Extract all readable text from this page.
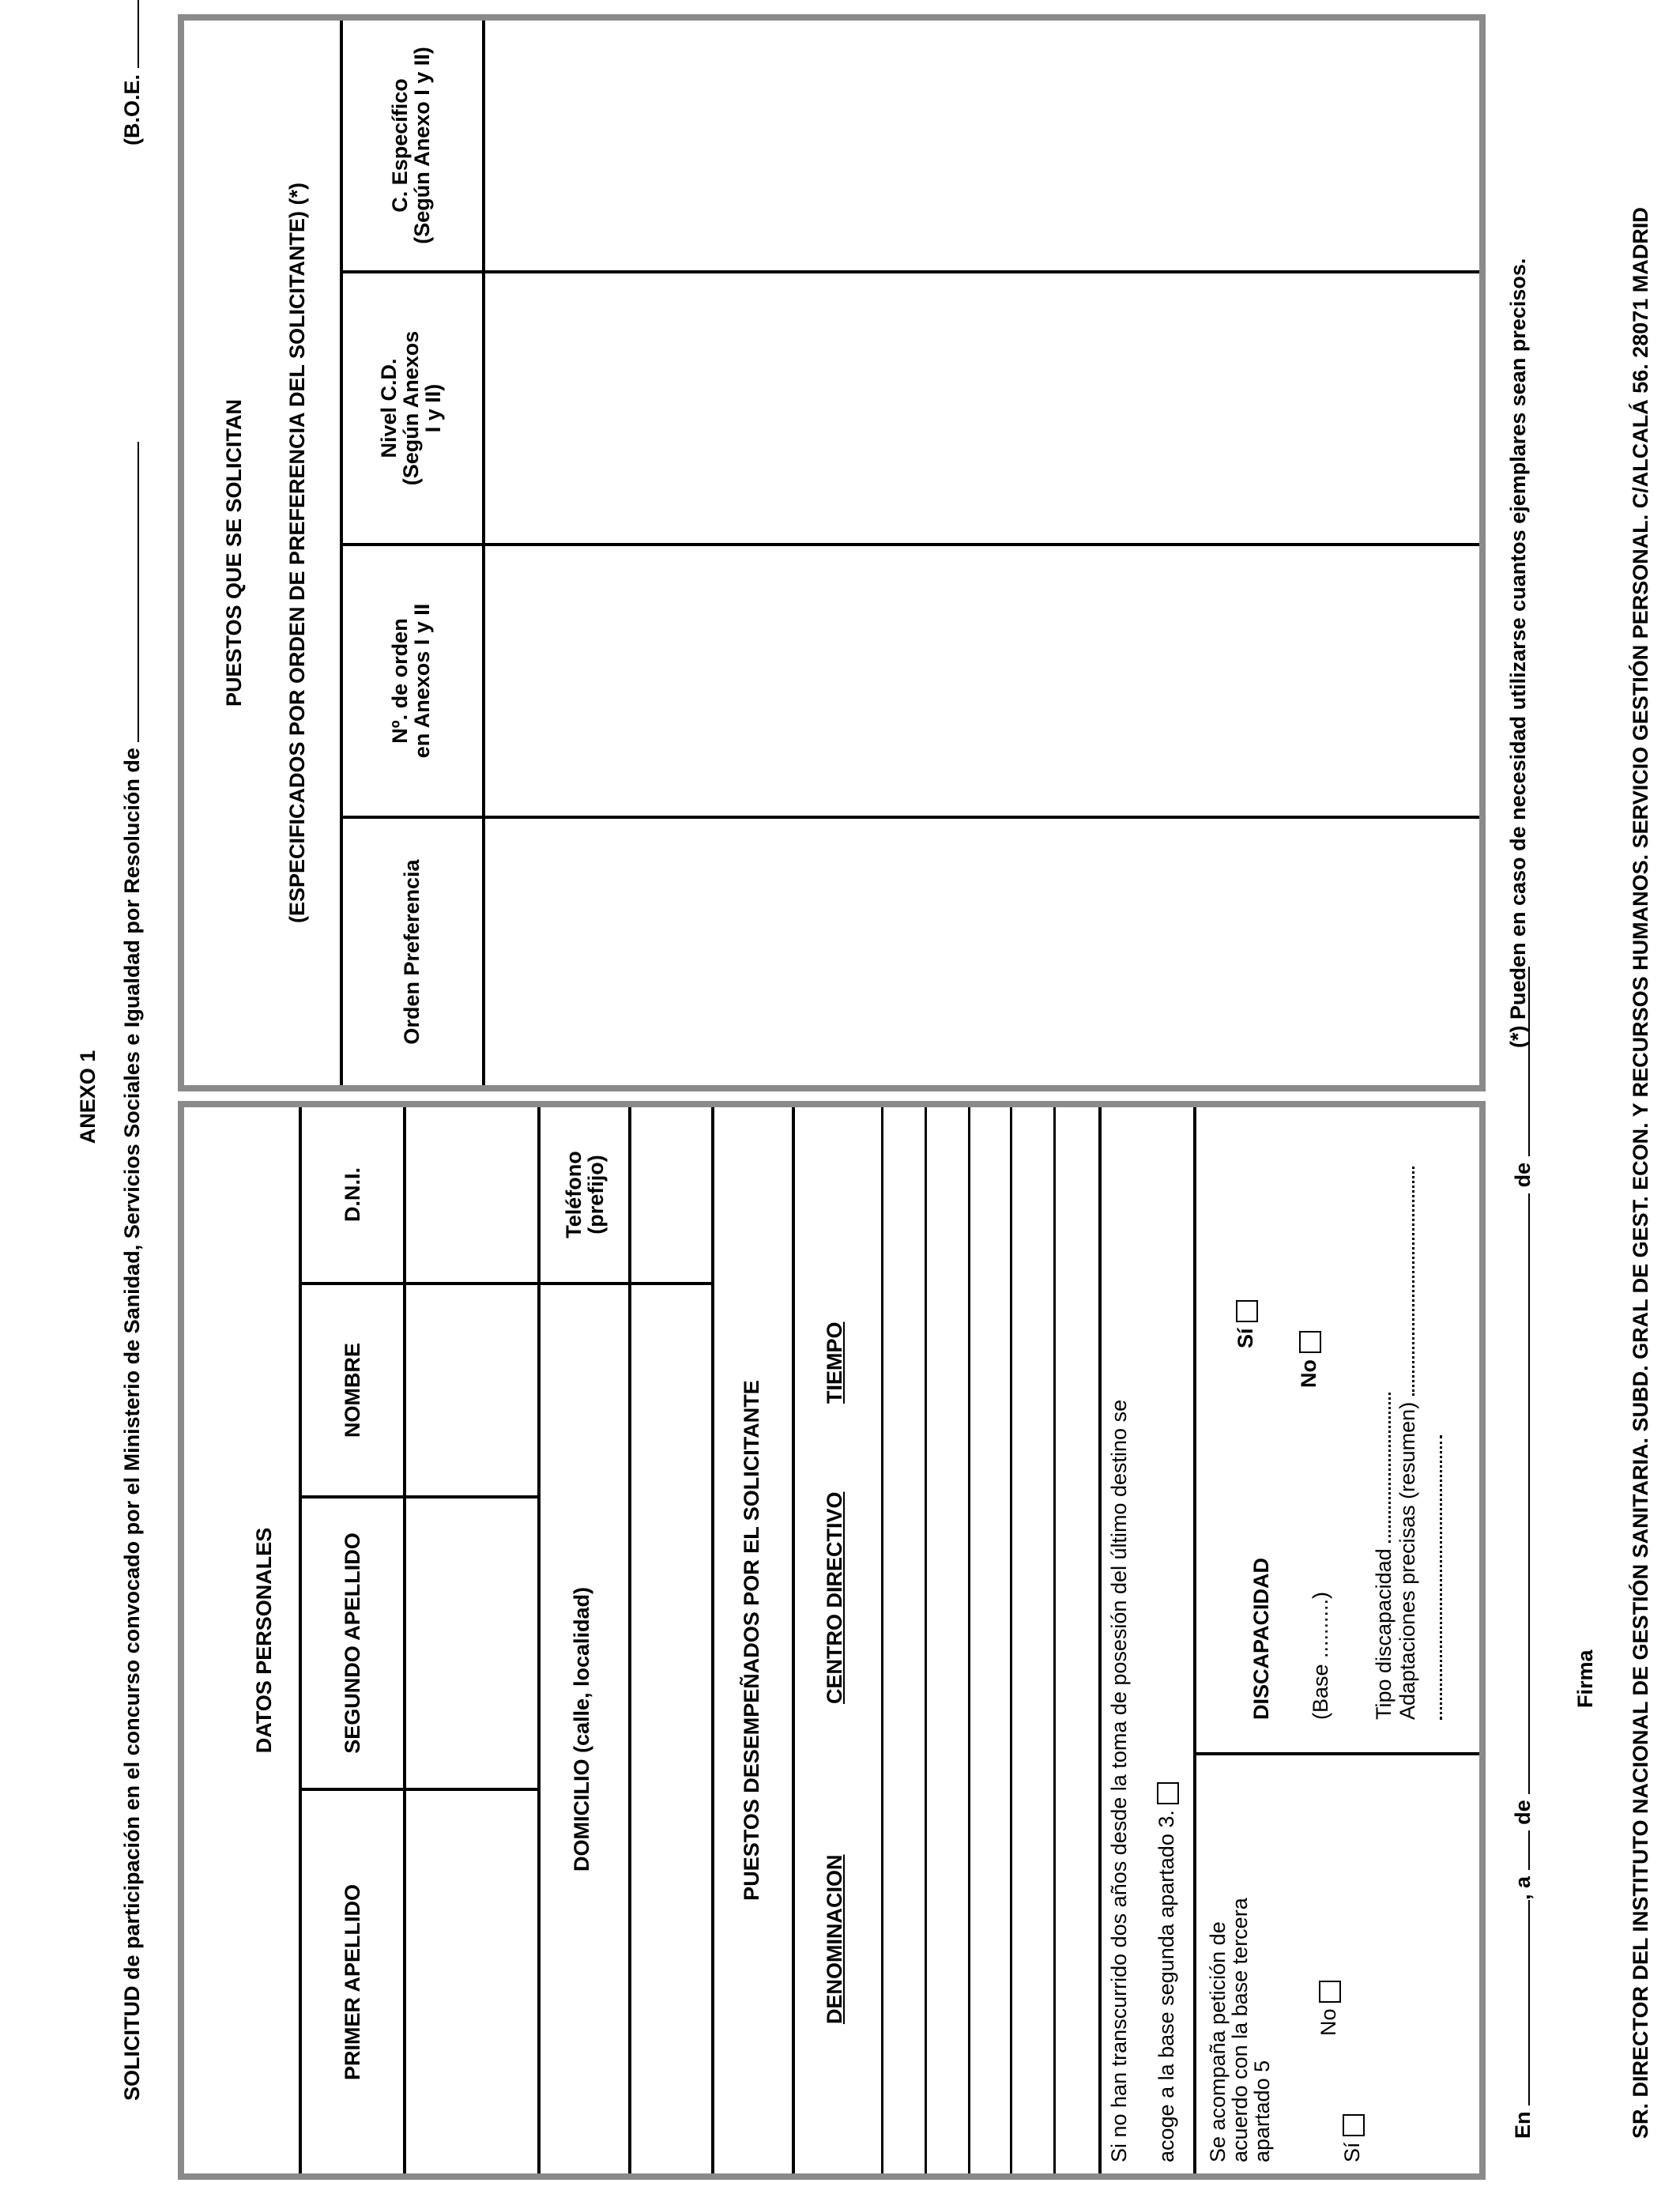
ANEXO 1 SOLICITUD de participación en el concurso convocado por el Ministerio de Sanidad, Servicios Sociales e Igualdad por Resolución de
(B.O.E.
DATOS PERSONALES
PRIMER APELLIDO
SEGUNDO APELLIDO
NOMBRE
D.N.I.
DOMICILIO (calle, localidad)
Teléfono
(prefijo)
PUESTOS DESEMPEÑADOS POR EL SOLICITANTE
DENOMINACION
CENTRO DIRECTIVO
TIEMPO
Si no han transcurrido dos años desde la toma de posesión del último destino se acoge a la base segunda apartado 3. Se acompaña petición de
acuerdo con la base tercera
apartado 5	Sí
No
DISCAPACIDAD
Sí
No
(Base ..........) Tipo discapacidad Adaptaciones precisas (resumen)
PUESTOS QUE SE SOLICITAN (ESPECIFICADOS POR ORDEN DE PREFERENCIA DEL SOLICITANTE) (*)
Orden Preferencia
Nº. de orden
en Anexos I y II
Nivel C.D.
(Según Anexos
I y II)
C. Específico
(Según Anexo I y II)
En , a  de  de
Firma
(*) Pueden en caso de necesidad utilizarse cuantos ejemplares sean precisos.	SR. DIRECTOR DEL INSTITUTO NACIONAL DE GESTIÓN SANITARIA. SUBD. GRAL DE GEST. ECON. Y RECURSOS HUMANOS. SERVICIO GESTIÓN PERSONAL. C/ALCALÁ 56. 28071 MADRID
